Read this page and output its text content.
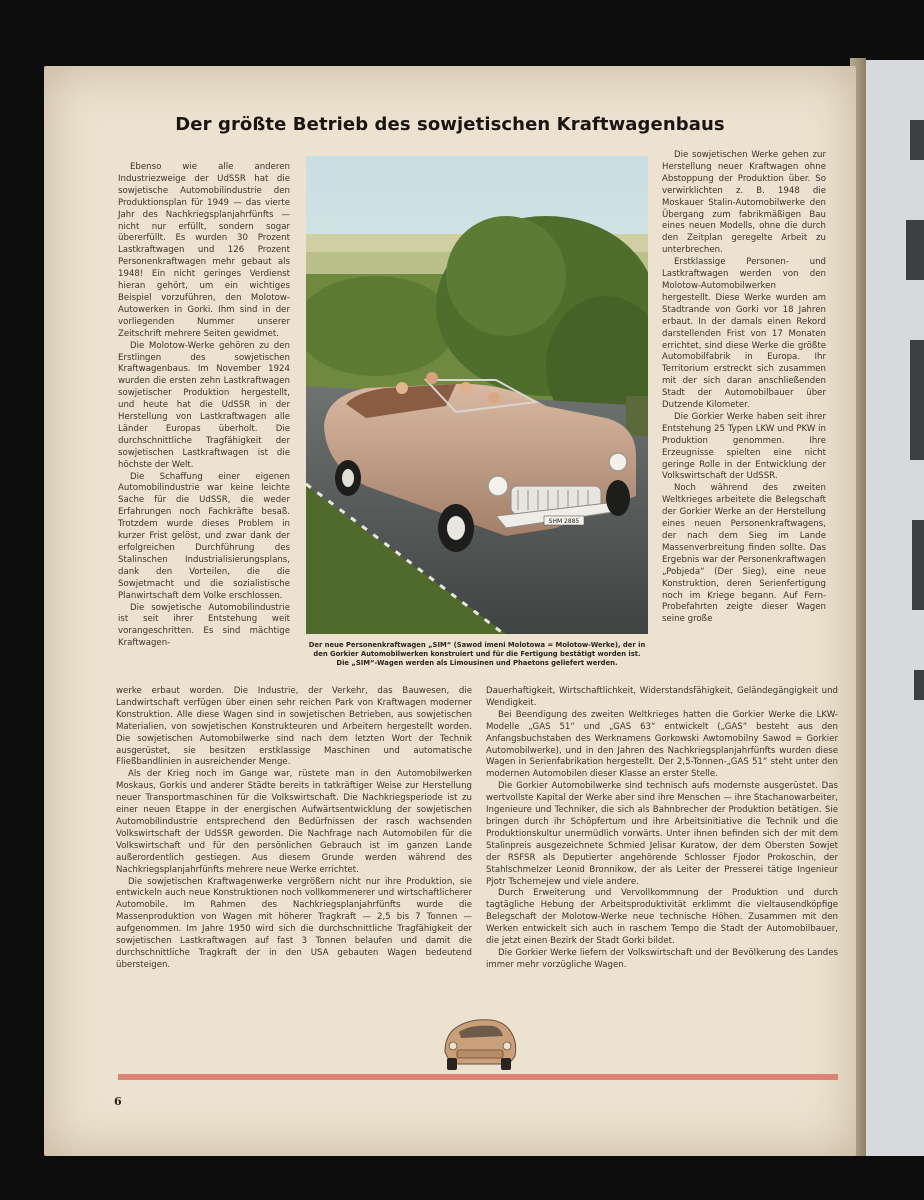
Der größte Betrieb des sowjetischen Kraftwagenbaus

Ebenso wie alle anderen Industriezweige der UdSSR hat die sowjetische Automobilindustrie den Produktionsplan für 1949 — das vierte Jahr des Nachkriegsplanjahrfünfts — nicht nur erfüllt, sondern sogar übererfüllt. Es wurden 30 Prozent Lastkraftwagen und 126 Prozent Personenkraftwagen mehr gebaut als 1948! Ein nicht geringes Verdienst hieran gehört, um ein wichtiges Beispiel vorzuführen, den Molotow-Autowerken in Gorki. Ihm sind in der vorliegenden Nummer unserer Zeitschrift mehrere Seiten gewidmet.

Die Molotow-Werke gehören zu den Erstlingen des sowjetischen Kraftwagenbaus. Im November 1924 wurden die ersten zehn Lastkraftwagen sowjetischer Produktion hergestellt, und heute hat die UdSSR in der Herstellung von Lastkraftwagen alle Länder Europas überholt. Die durchschnittliche Tragfähigkeit der sowjetischen Lastkraftwagen ist die höchste der Welt.

Die Schaffung einer eigenen Automobilindustrie war keine leichte Sache für die UdSSR, die weder Erfahrungen noch Fachkräfte besaß. Trotzdem wurde dieses Problem in kurzer Frist gelöst, und zwar dank der erfolgreichen Durchführung des Stalinschen Industrialisierungsplans, dank den Vorteilen, die die Sowjetmacht und die sozialistische Planwirtschaft dem Volke erschlossen.

Die sowjetische Automobilindustrie ist seit ihrer Entstehung weit vorangeschritten. Es sind mächtige Kraftwagen-

SHM 2885
Der neue Personenkraftwagen „SIM“ (Sawod imeni Molotowa = Molotow-Werke), der in den Gorkier Automobilwerken konstruiert und für die Fertigung bestätigt worden ist. Die „SIM“-Wagen werden als Limousinen und Phaetons geliefert werden.

Die sowjetischen Werke gehen zur Herstellung neuer Kraftwagen ohne Abstoppung der Produktion über. So verwirklichten z. B. 1948 die Moskauer Stalin-Automobilwerke den Übergang zum fabrikmäßigen Bau eines neuen Modells, ohne die durch den Zeitplan geregelte Arbeit zu unterbrechen.

Erstklassige Personen- und Lastkraftwagen werden von den Molotow-Automobilwerken hergestellt. Diese Werke wurden am Stadtrande von Gorki vor 18 Jahren erbaut. In der damals einen Rekord darstellenden Frist von 17 Monaten errichtet, sind diese Werke die größte Automobilfabrik in Europa. Ihr Territorium erstreckt sich zusammen mit der sich daran anschließenden Stadt der Automobilbauer über Dutzende Kilometer.

Die Gorkier Werke haben seit ihrer Entstehung 25 Typen LKW und PKW in Produktion genommen. Ihre Erzeugnisse spielten eine nicht geringe Rolle in der Entwicklung der Volkswirtschaft der UdSSR.

Noch während des zweiten Weltkrieges arbeitete die Belegschaft der Gorkier Werke an der Herstellung eines neuen Personenkraftwagens, der nach dem Sieg im Lande Massenverbreitung finden sollte. Das Ergebnis war der Personenkraftwagen „Pobjeda“ (Der Sieg), eine neue Konstruktion, deren Serienfertigung noch im Kriege begann. Auf Fern-Probefahrten zeigte dieser Wagen seine große

werke erbaut worden. Die Industrie, der Verkehr, das Bauwesen, die Landwirtschaft verfügen über einen sehr reichen Park von Kraftwagen moderner Konstruktion. Alle diese Wagen sind in sowjetischen Betrieben, aus sowjetischen Materialien, von sowjetischen Konstrukteuren und Arbeitern hergestellt worden. Die sowjetischen Automobilwerke sind nach dem letzten Wort der Technik ausgerüstet, sie besitzen erstklassige Maschinen und automatische Fließbandlinien in ausreichender Menge.

Als der Krieg noch im Gange war, rüstete man in den Automobilwerken Moskaus, Gorkis und anderer Städte bereits in tatkräftiger Weise zur Herstellung neuer Transportmaschinen für die Volkswirtschaft. Die Nachkriegsperiode ist zu einer neuen Etappe in der energischen Aufwärtsentwicklung der sowjetischen Automobilindustrie entsprechend den Bedürfnissen der rasch wachsenden Volkswirtschaft der UdSSR geworden. Die Nachfrage nach Automobilen für die Volkswirtschaft und für den persönlichen Gebrauch ist im ganzen Lande außerordentlich gestiegen. Aus diesem Grunde werden während des Nachkriegsplanjahrfünfts mehrere neue Werke errichtet.

Die sowjetischen Kraftwagenwerke vergrößern nicht nur ihre Produktion, sie entwickeln auch neue Konstruktionen noch vollkommenerer und wirtschaftlicherer Automobile. Im Rahmen des Nachkriegsplanjahrfünfts wurde die Massenproduktion von Wagen mit höherer Tragkraft — 2,5 bis 7 Tonnen — aufgenommen. Im Jahre 1950 wird sich die durchschnittliche Tragfähigkeit der sowjetischen Lastkraftwagen auf fast 3 Tonnen belaufen und damit die durchschnittliche Tragkraft der in den USA gebauten Wagen bedeutend übersteigen.

Dauerhaftigkeit, Wirtschaftlichkeit, Widerstandsfähigkeit, Geländegängigkeit und Wendigkeit.

Bei Beendigung des zweiten Weltkrieges hatten die Gorkier Werke die LKW-Modelle „GAS 51“ und „GAS 63“ entwickelt („GAS“ besteht aus den Anfangsbuchstaben des Werknamens Gorkowski Awtomobilny Sawod = Gorkier Automobilwerke), und in den Jahren des Nachkriegsplanjahrfünfts wurden diese Wagen in Serienfabrikation hergestellt. Der 2,5-Tonnen-„GAS 51“ steht unter den modernen Automobilen dieser Klasse an erster Stelle.

Die Gorkier Automobilwerke sind technisch aufs modernste ausgerüstet. Das wertvollste Kapital der Werke aber sind ihre Menschen — ihre Stachanowarbeiter, Ingenieure und Techniker, die sich als Bahnbrecher der Produktion betätigen. Sie bringen durch ihr Schöpfertum und ihre Arbeitsinitiative die Technik und die Produktionskultur unermüdlich vorwärts. Unter ihnen befinden sich der mit dem Stalinpreis ausgezeichnete Schmied Jelisar Kuratow, der dem Obersten Sowjet der RSFSR als Deputierter angehörende Schlosser Fjodor Prokoschin, der Stahlschmelzer Leonid Bronnikow, der als Leiter der Presserei tätige Ingenieur Pjotr Tschernejew und viele andere.

Durch Erweiterung und Vervollkommnung der Produktion und durch tagtägliche Hebung der Arbeitsproduktivität erklimmt die vieltausendköpfige Belegschaft der Molotow-Werke neue technische Höhen. Zusammen mit den Werken entwickelt sich auch in raschem Tempo die Stadt der Automobilbauer, die jetzt einen Bezirk der Stadt Gorki bildet.

Die Gorkier Werke liefern der Volkswirtschaft und der Bevölkerung des Landes immer mehr vorzügliche Wagen.

6
